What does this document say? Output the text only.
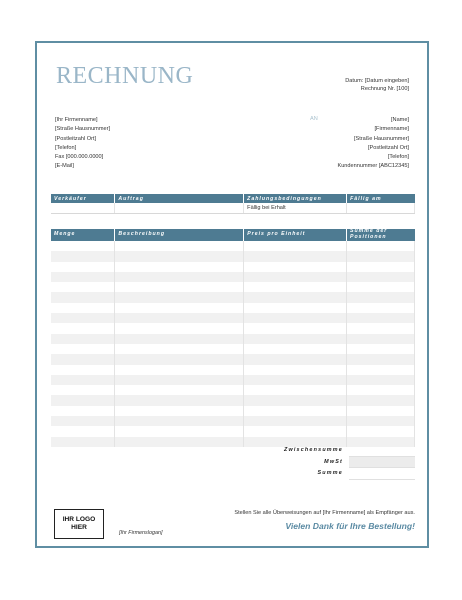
RECHNUNG	Datum: [Datum eingeben]
Rechnung Nr. [100]
[Ihr Firmenname]
[Straße Hausnummer]
[Postleitzahl Ort]
[Telefon]
Fax [000.000.0000]
[E-Mail]
AN	[Name]
[Firmenname]
[Straße Hausnummer]
[Postleitzahl Ort]
[Telefon]
Kundennummer [ABC12345]
Verkäufer	Auftrag	Zahlungsbedingungen	Fällig am
		Fällig bei Erhalt	
Menge	Beschreibung	Preis pro Einheit	Summe der Positionen

Zwischensumme
MwSt
Summe
Stellen Sie alle Überweisungen auf [Ihr Firmenname] als Empfänger aus.
Vielen Dank für Ihre Bestellung!
IHR LOGO HIER
[Ihr Firmenslogan]
